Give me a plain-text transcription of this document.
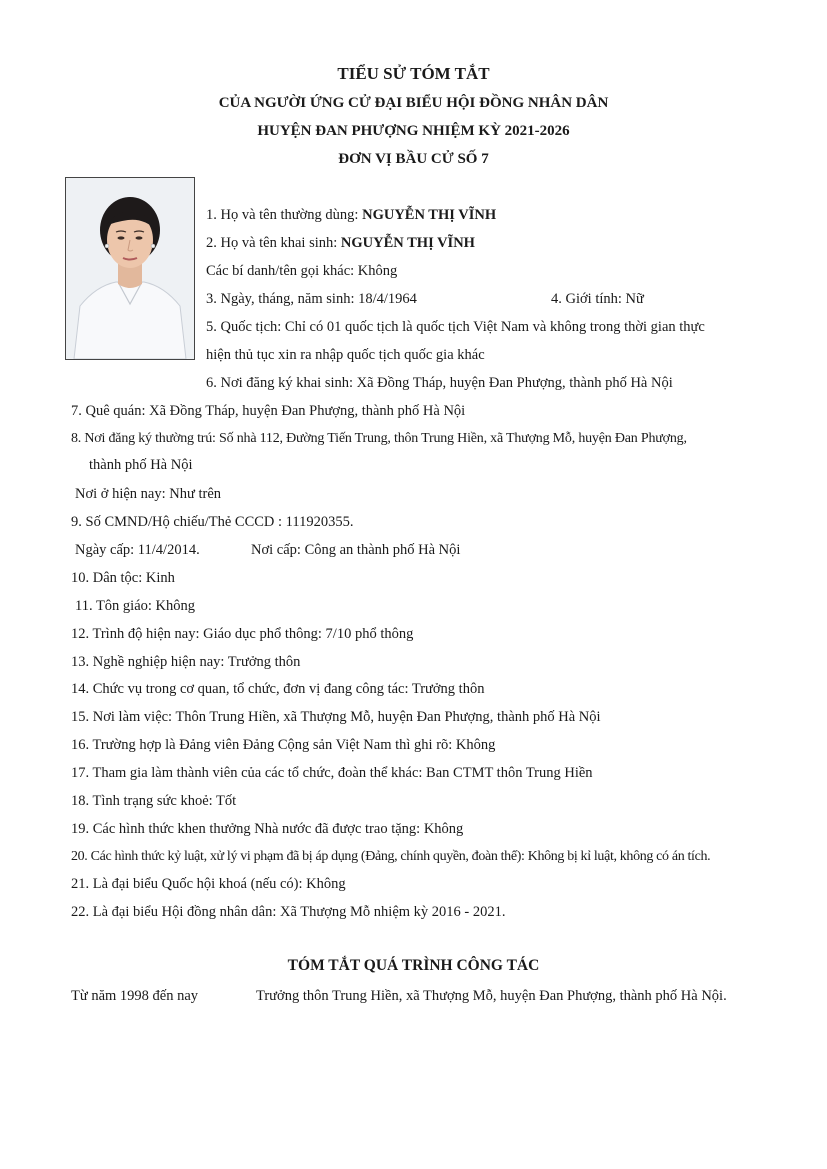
TIỂU SỬ TÓM TẮT
CỦA NGƯỜI ỨNG CỬ ĐẠI BIỂU HỘI ĐỒNG NHÂN DÂN
HUYỆN ĐAN PHƯỢNG NHIỆM KỲ 2021-2026
ĐƠN VỊ BẦU CỬ SỐ 7
1. Họ và tên thường dùng: NGUYỄN THỊ VĨNH
2. Họ và tên khai sinh: NGUYỄN THỊ VĨNH
Các bí danh/tên gọi khác: Không
3. Ngày, tháng, năm sinh: 18/4/1964	4. Giới tính: Nữ
5. Quốc tịch: Chỉ có 01 quốc tịch là quốc tịch Việt Nam và không trong thời gian thực
hiện thủ tục xin ra nhập quốc tịch quốc gia khác
6. Nơi đăng ký khai sinh: Xã Đồng Tháp, huyện Đan Phượng, thành phố Hà Nội
7. Quê quán: Xã Đồng Tháp, huyện Đan Phượng, thành phố Hà Nội
8. Nơi đăng ký thường trú: Số nhà 112, Đường Tiến Trung, thôn Trung Hiền, xã Thượng Mỗ, huyện Đan Phượng,
thành phố Hà Nội
Nơi ở hiện nay: Như trên
9. Số CMND/Hộ chiếu/Thẻ CCCD : 111920355.
Ngày cấp: 11/4/2014.	Nơi cấp: Công an thành phố Hà Nội
10. Dân tộc: Kinh
11. Tôn giáo: Không
12. Trình độ hiện nay: Giáo dục phổ thông: 7/10 phổ thông
13. Nghề nghiệp hiện nay: Trưởng thôn
14. Chức vụ trong cơ quan, tổ chức, đơn vị đang công tác: Trưởng thôn
15. Nơi làm việc: Thôn Trung Hiền, xã Thượng Mỗ, huyện Đan Phượng, thành phố Hà Nội
16. Trường hợp là Đảng viên Đảng Cộng sản Việt Nam thì ghi rõ: Không
17. Tham gia làm thành viên của các tổ chức, đoàn thể khác: Ban CTMT thôn Trung Hiền
18. Tình trạng sức khoẻ: Tốt
19. Các hình thức khen thưởng Nhà nước đã được trao tặng: Không
20. Các hình thức kỷ luật, xử lý vi phạm đã bị áp dụng (Đảng, chính quyền, đoàn thể): Không bị kỉ luật, không có án tích.
21. Là đại biểu Quốc hội khoá (nếu có): Không
22. Là đại biểu Hội đồng nhân dân: Xã Thượng Mỗ nhiệm kỳ 2016 - 2021.
TÓM TẮT QUÁ TRÌNH CÔNG TÁC
Từ năm 1998 đến nay	Trưởng thôn Trung Hiền, xã Thượng Mỗ, huyện Đan Phượng, thành phố Hà Nội.
